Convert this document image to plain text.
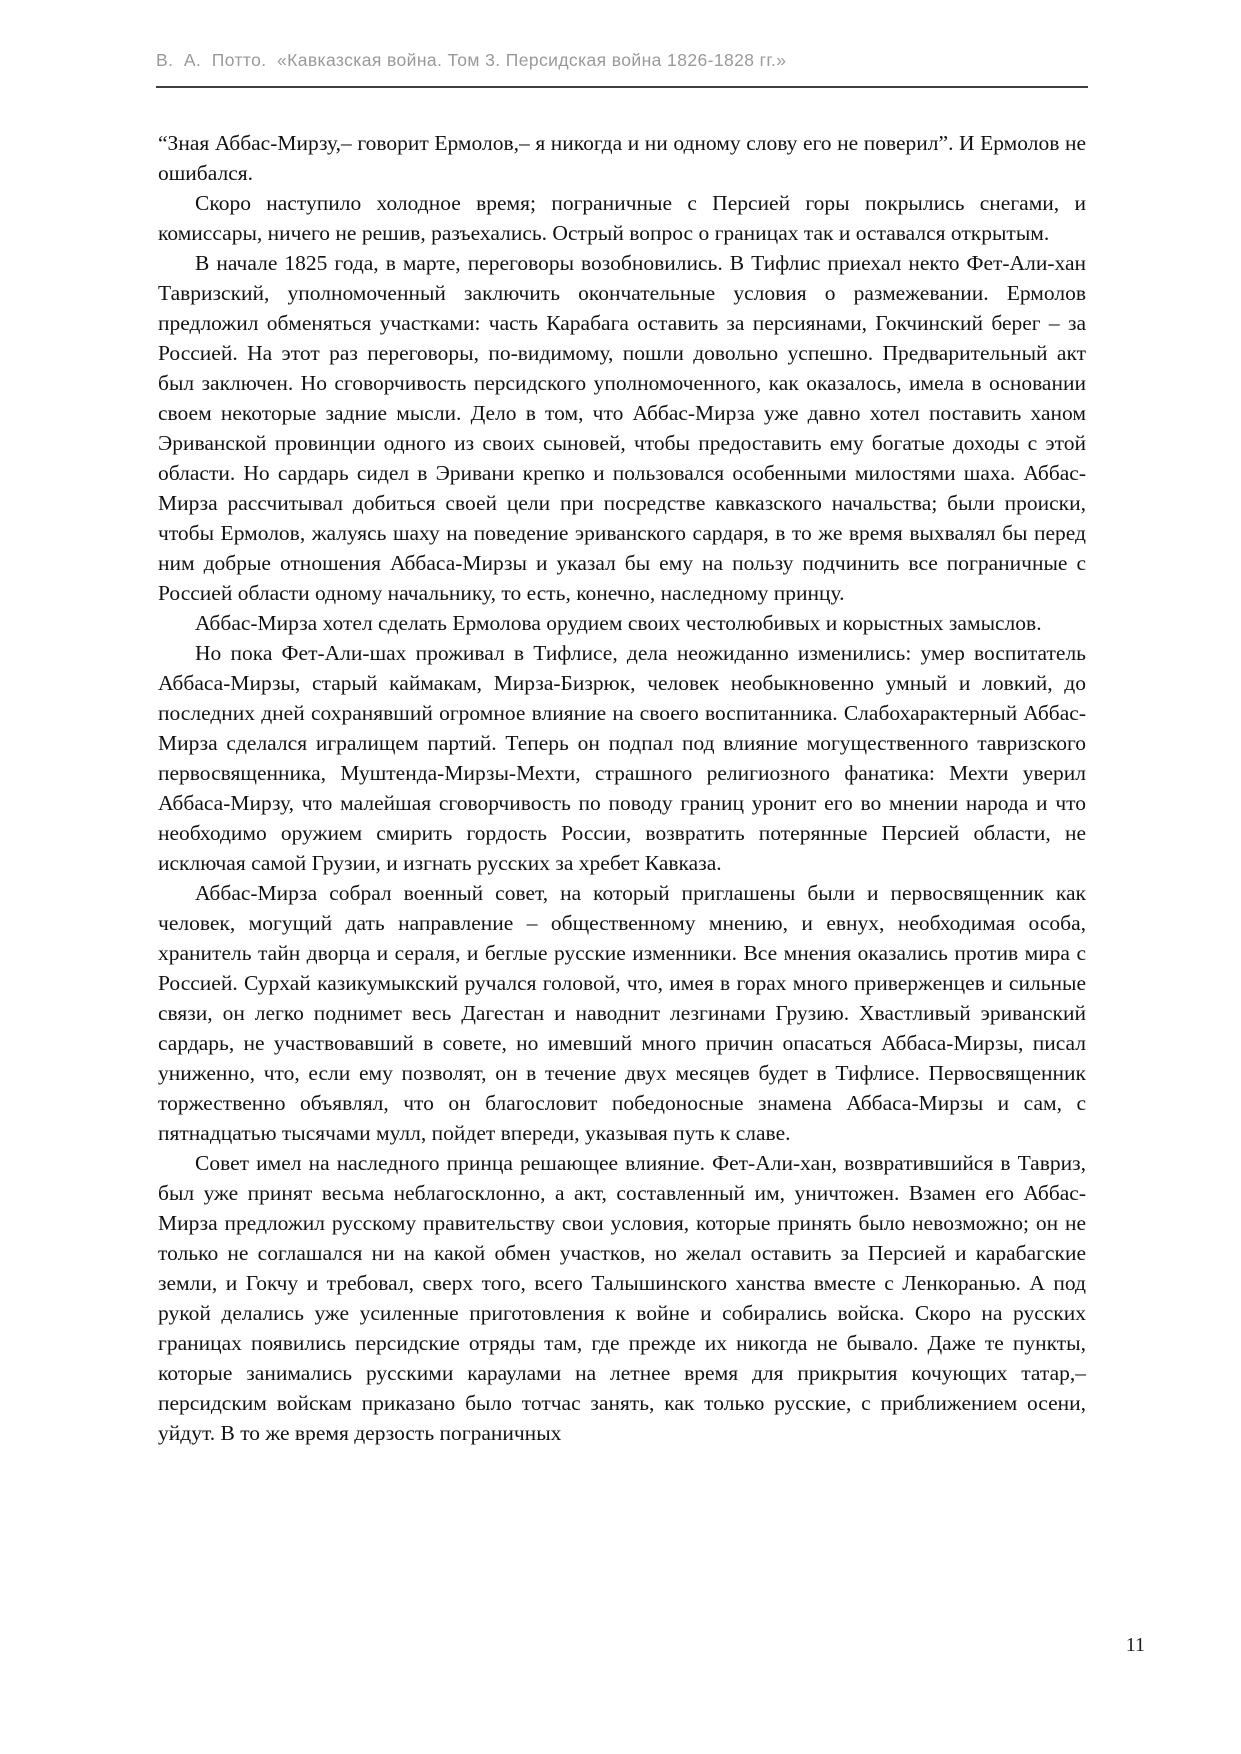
В.  А.  Потто.  «Кавказская война. Том 3. Персидская война 1826-1828 гг.»

“Зная Аббас-Мирзу,– говорит Ермолов,– я никогда и ни одному слову его не поверил”. И Ермолов не ошибался.

Скоро наступило холодное время; пограничные с Персией горы покрылись снегами, и комиссары, ничего не решив, разъехались. Острый вопрос о границах так и оставался открытым.

В начале 1825 года, в марте, переговоры возобновились. В Тифлис приехал некто Фет-Али-хан Тавризский, уполномоченный заключить окончательные условия о размежевании. Ермолов предложил обменяться участками: часть Карабага оставить за персиянами, Гокчинский берег – за Россией. На этот раз переговоры, по-видимому, пошли довольно успешно. Предварительный акт был заключен. Но сговорчивость персидского уполномоченного, как оказалось, имела в основании своем некоторые задние мысли. Дело в том, что Аббас-Мирза уже давно хотел поставить ханом Эриванской провинции одного из своих сыновей, чтобы предоставить ему богатые доходы с этой области. Но сардарь сидел в Эривани крепко и пользовался особенными милостями шаха. Аббас-Мирза рассчитывал добиться своей цели при посредстве кавказского начальства; были происки, чтобы Ермолов, жалуясь шаху на поведение эриванского сардаря, в то же время выхвалял бы перед ним добрые отношения Аббаса-Мирзы и указал бы ему на пользу подчинить все пограничные с Россией области одному начальнику, то есть, конечно, наследному принцу.

Аббас-Мирза хотел сделать Ермолова орудием своих честолюбивых и корыстных замыслов.

Но пока Фет-Али-шах проживал в Тифлисе, дела неожиданно изменились: умер воспитатель Аббаса-Мирзы, старый каймакам, Мирза-Бизрюк, человек необыкновенно умный и ловкий, до последних дней сохранявший огромное влияние на своего воспитанника. Слабохарактерный Аббас-Мирза сделался игралищем партий. Теперь он подпал под влияние могущественного тавризского первосвященника, Муштенда-Мирзы-Мехти, страшного религиозного фанатика: Мехти уверил Аббаса-Мирзу, что малейшая сговорчивость по поводу границ уронит его во мнении народа и что необходимо оружием смирить гордость России, возвратить потерянные Персией области, не исключая самой Грузии, и изгнать русских за хребет Кавказа.

Аббас-Мирза собрал военный совет, на который приглашены были и первосвященник как человек, могущий дать направление – общественному мнению, и евнух, необходимая особа, хранитель тайн дворца и сераля, и беглые русские изменники. Все мнения оказались против мира с Россией. Сурхай казикумыкский ручался головой, что, имея в горах много приверженцев и сильные связи, он легко поднимет весь Дагестан и наводнит лезгинами Грузию. Хвастливый эриванский сардарь, не участвовавший в совете, но имевший много причин опасаться Аббаса-Мирзы, писал униженно, что, если ему позволят, он в течение двух месяцев будет в Тифлисе. Первосвященник торжественно объявлял, что он благословит победоносные знамена Аббаса-Мирзы и сам, с пятнадцатью тысячами мулл, пойдет впереди, указывая путь к славе.

Совет имел на наследного принца решающее влияние. Фет-Али-хан, возвратившийся в Тавриз, был уже принят весьма неблагосклонно, а акт, составленный им, уничтожен. Взамен его Аббас-Мирза предложил русскому правительству свои условия, которые принять было невозможно; он не только не соглашался ни на какой обмен участков, но желал оставить за Персией и карабагские земли, и Гокчу и требовал, сверх того, всего Талышинского ханства вместе с Ленкоранью. А под рукой делались уже усиленные приготовления к войне и собирались войска. Скоро на русских границах появились персидские отряды там, где прежде их никогда не бывало. Даже те пункты, которые занимались русскими караулами на летнее время для прикрытия кочующих татар,– персидским войскам приказано было тотчас занять, как только русские, с приближением осени, уйдут. В то же время дерзость пограничных

11
